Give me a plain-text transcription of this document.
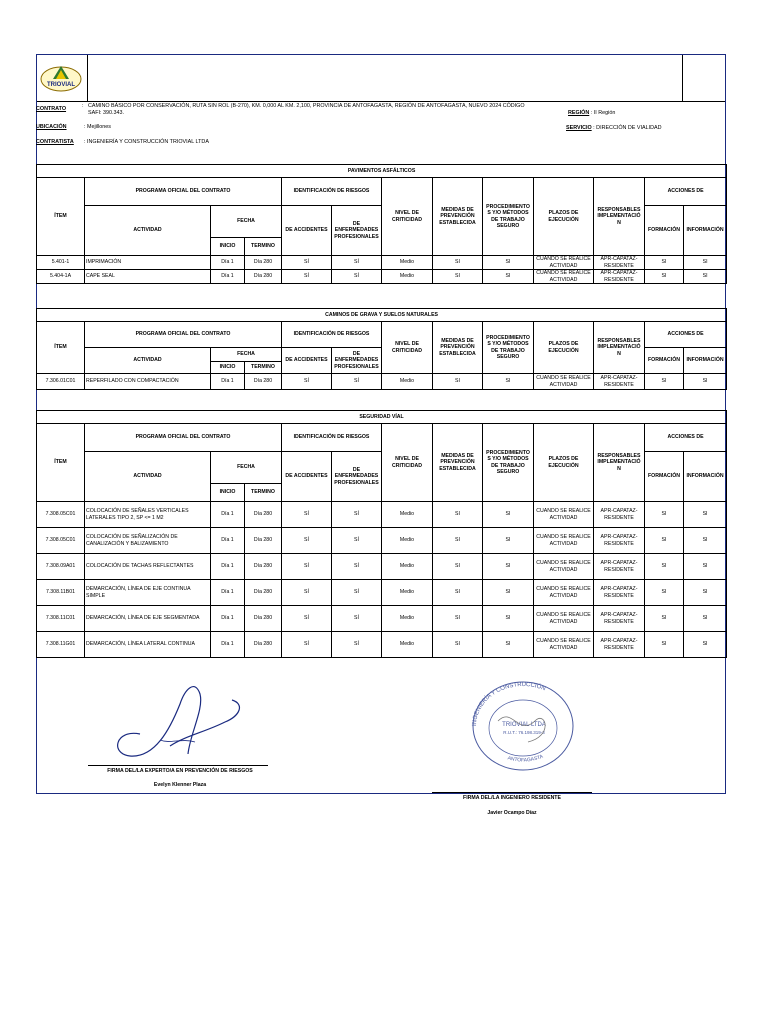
TRIOVIAL
CONTRATO	: CAMINO BÁSICO POR CONSERVACIÓN, RUTA SIN ROL (B-270), KM. 0,000 AL KM. 2,100, PROVINCIA DE ANTOFAGASTA, REGIÓN DE ANTOFAGASTA, NUEVO 2024 CÓDIGO SAFI: 390.343.
UBICACIÓN	: Mejillones
CONTRATISTA : INGENIERÍA Y CONSTRUCCIÓN TRIOVIAL LTDA
REGIÓN : II Región
SERVICIO : DIRECCIÓN DE VIALIDAD
PAVIMENTOS ASFÁLTICOS												
ÍTEM	PROGRAMA OFICIAL DEL CONTRATO			IDENTIFICACIÓN DE RIESGOS		NIVEL DE CRITICIDAD	MEDIDAS DE PREVENCIÓN ESTABLECIDA	PROCEDIMIENTO S Y/O MÉTODOS DE TRABAJO SEGURO	PLAZOS DE EJECUCIÓN	RESPONSABLES IMPLEMENTACIÓ N	ACCIONES DE	
	ACTIVIDAD	FECHA		DE ACCIDENTES	DE ENFERMEDADES PROFESIONALES						FORMACIÓN	INFORMACIÓN
		INICIO	TERMINO									
5.401-1	IMPRIMACIÓN	Día 1	Día 280	SÍ	SÍ	Medio	SI	SI	CUANDO SE REALICE ACTIVIDAD	APR-CAPATAZ-RESIDENTE	SI	SI
5.404-1A	CAPE SEAL	Día 1	Día 280	SÍ	SÍ	Medio	SI	SI	CUANDO SE REALICE ACTIVIDAD	APR-CAPATAZ-RESIDENTE	SI	SI
CAMINOS DE GRAVA Y SUELOS NATURALES												
ÍTEM	PROGRAMA OFICIAL DEL CONTRATO			IDENTIFICACIÓN DE RIESGOS		NIVEL DE CRITICIDAD	MEDIDAS DE PREVENCIÓN ESTABLECIDA	PROCEDIMIENTO S Y/O MÉTODOS DE TRABAJO SEGURO	PLAZOS DE EJECUCIÓN	RESPONSABLES IMPLEMENTACIÓ N	ACCIONES DE	
	ACTIVIDAD	FECHA		DE ACCIDENTES	DE ENFERMEDADES PROFESIONALES						FORMACIÓN	INFORMACIÓN
		INICIO	TERMINO									
7.306.01C01	REPERFILADO CON COMPACTACIÓN	Día 1	Día 280	SÍ	SÍ	Medio	SI	SI	CUANDO SE REALICE ACTIVIDAD	APR-CAPATAZ-RESIDENTE	SI	SI
SEGURIDAD VÍAL												
ÍTEM	PROGRAMA OFICIAL DEL CONTRATO			IDENTIFICACIÓN DE RIESGOS		NIVEL DE CRITICIDAD	MEDIDAS DE PREVENCIÓN ESTABLECIDA	PROCEDIMIENTO S Y/O MÉTODOS DE TRABAJO SEGURO	PLAZOS DE EJECUCIÓN	RESPONSABLES IMPLEMENTACIÓ N	ACCIONES DE	
	ACTIVIDAD	FECHA		DE ACCIDENTES	DE ENFERMEDADES PROFESIONALES						FORMACIÓN	INFORMACIÓN
		INICIO	TERMINO									
7.308.05C01	COLOCACIÓN DE SEÑALES VERTICALES LATERALES TIPO 2, SP <= 1 M2	Día 1	Día 280	SÍ	SÍ	Medio	SI	SI	CUANDO SE REALICE ACTIVIDAD	APR-CAPATAZ-RESIDENTE	SI	SI
7.308.05C01	COLOCACIÓN DE SEÑALIZACIÓN DE CANALIZACIÓN Y BALIZAMIENTO	Día 1	Día 280	SÍ	SÍ	Medio	SI	SI	CUANDO SE REALICE ACTIVIDAD	APR-CAPATAZ-RESIDENTE	SI	SI
7.308.09A01	COLOCACIÓN DE TACHAS REFLECTANTES	Día 1	Día 280	SÍ	SÍ	Medio	SI	SI	CUANDO SE REALICE ACTIVIDAD	APR-CAPATAZ-RESIDENTE	SI	SI
7.308.11B01	DEMARCACIÓN, LÍNEA DE EJE CONTINUA SIMPLE	Día 1	Día 280	SÍ	SÍ	Medio	SI	SI	CUANDO SE REALICE ACTIVIDAD	APR-CAPATAZ-RESIDENTE	SI	SI
7.308.11C01	DEMARCACIÓN, LÍNEA DE EJE SEGMENTADA	Día 1	Día 280	SÍ	SÍ	Medio	SI	SI	CUANDO SE REALICE ACTIVIDAD	APR-CAPATAZ-RESIDENTE	SI	SI
7.308.11G01	DEMARCACIÓN, LÍNEA LATERAL CONTINUA	Día 1	Día 280	SÍ	SÍ	Medio	SI	SI	CUANDO SE REALICE ACTIVIDAD	APR-CAPATAZ-RESIDENTE	SI	SI
FIRMA DEL/LA EXPERTO/A EN PREVENCIÓN DE RIESGOS
Evelyn Klenner Plaza
INGENIERÍA Y CONSTRUCCIÓN
ANTOFAGASTA
TRIOVIAL LTDA
R.U.T.: 76.198.319-3
FIRMA DEL/LA INGENIERO RESIDENTE
Javier Ocampo Díaz
